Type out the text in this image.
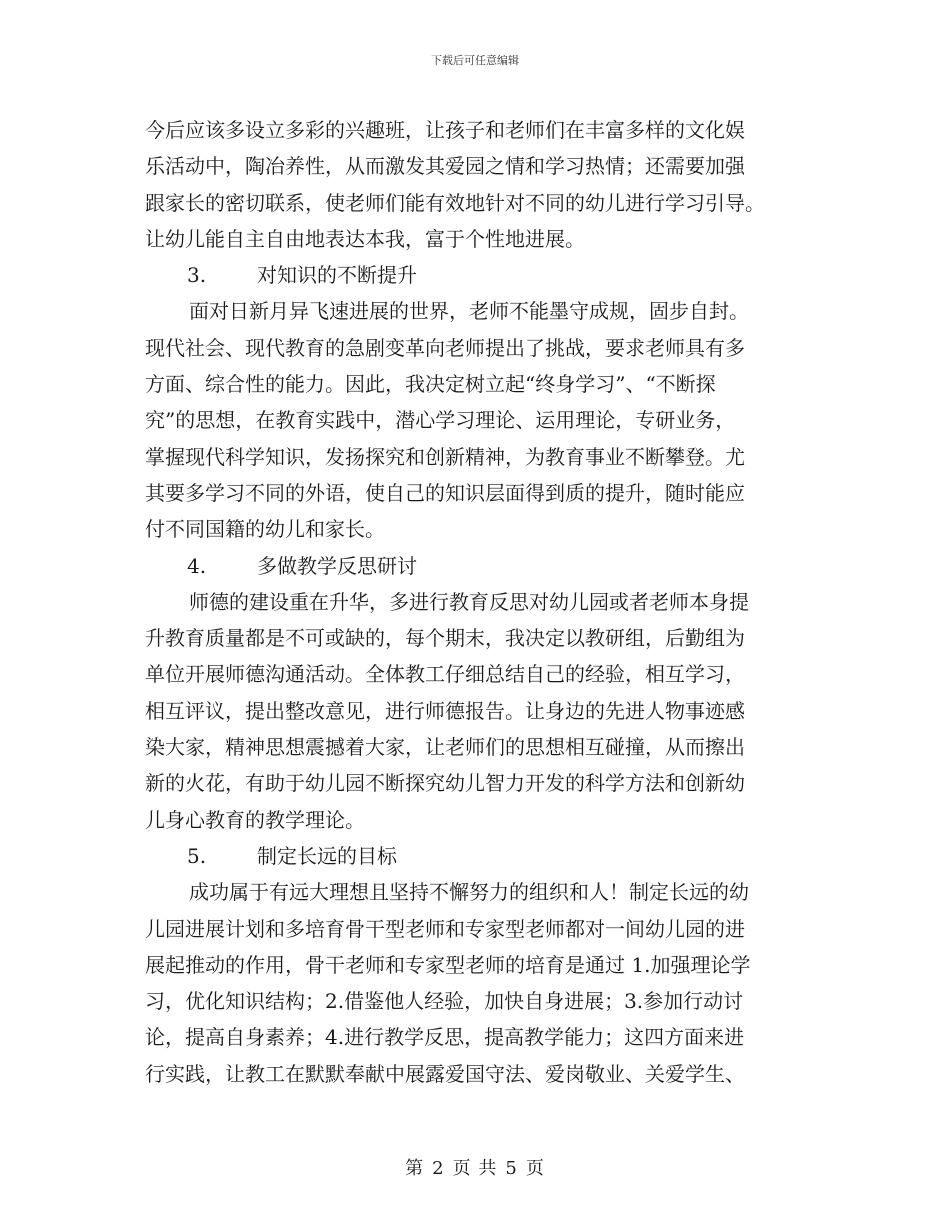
下载后可任意编辑
今后应该多设立多彩的兴趣班，让孩子和老师们在丰富多样的文化娱
乐活动中，陶冶养性，从而激发其爱园之情和学习热情；还需要加强
跟家长的密切联系，使老师们能有效地针对不同的幼儿进行学习引导。
让幼儿能自主自由地表达本我，富于个性地进展。
3.	对知识的不断提升
面对日新月异飞速进展的世界，老师不能墨守成规，固步自封。
现代社会、现代教育的急剧变革向老师提出了挑战，要求老师具有多
方面、综合性的能力。因此，我决定树立起“终身学习”、“不断探
究”的思想，在教育实践中，潜心学习理论、运用理论，专研业务，
掌握现代科学知识，发扬探究和创新精神，为教育事业不断攀登。尤
其要多学习不同的外语，使自己的知识层面得到质的提升，随时能应
付不同国籍的幼儿和家长。
4.	多做教学反思研讨
师德的建设重在升华，多进行教育反思对幼儿园或者老师本身提
升教育质量都是不可或缺的，每个期末，我决定以教研组，后勤组为
单位开展师德沟通活动。全体教工仔细总结自己的经验，相互学习，
相互评议，提出整改意见，进行师德报告。让身边的先进人物事迹感
染大家，精神思想震撼着大家，让老师们的思想相互碰撞，从而擦出
新的火花，有助于幼儿园不断探究幼儿智力开发的科学方法和创新幼
儿身心教育的教学理论。
5.	制定长远的目标
成功属于有远大理想且坚持不懈努力的组织和人！制定长远的幼
儿园进展计划和多培育骨干型老师和专家型老师都对一间幼儿园的进
展起推动的作用，骨干老师和专家型老师的培育是通过 1.加强理论学
习，优化知识结构；2.借鉴他人经验，加快自身进展；3.参加行动讨
论，提高自身素养；4.进行教学反思，提高教学能力；这四方面来进
行实践，让教工在默默奉献中展露爱国守法、爱岗敬业、关爱学生、
第 2 页 共 5 页
